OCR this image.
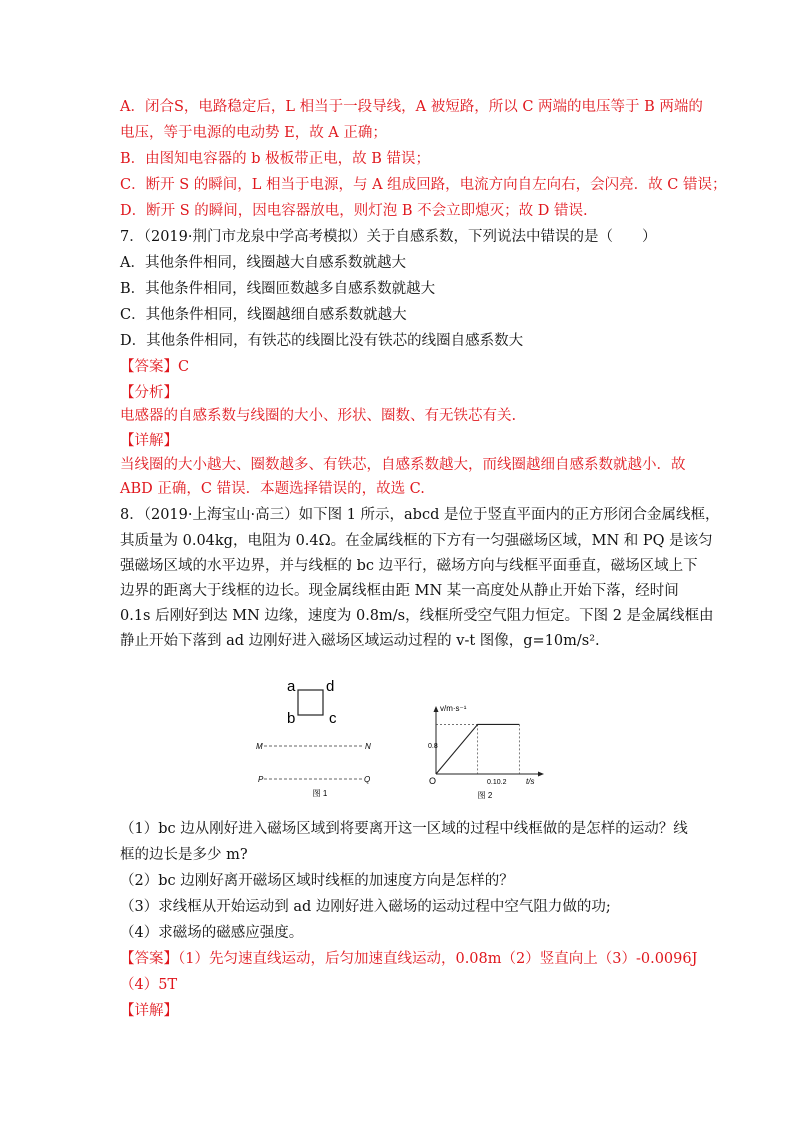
A．闭合S，电路稳定后，L 相当于一段导线，A 被短路，所以 C 两端的电压等于 B 两端的
电压，等于电源的电动势 E，故 A 正确；
B．由图知电容器的 b 极板带正电，故 B 错误；
C．断开 S 的瞬间，L 相当于电源，与 A 组成回路，电流方向自左向右，会闪亮．故 C 错误；
D．断开 S 的瞬间，因电容器放电，则灯泡 B 不会立即熄灭；故 D 错误.
7．（2019·荆门市龙泉中学高考模拟）关于自感系数，下列说法中错误的是（　　）
A．其他条件相同，线圈越大自感系数就越大
B．其他条件相同，线圈匝数越多自感系数就越大
C．其他条件相同，线圈越细自感系数就越大
D．其他条件相同，有铁芯的线圈比没有铁芯的线圈自感系数大
【答案】C
【分析】
电感器的自感系数与线圈的大小、形状、圈数、有无铁芯有关.
【详解】
当线圈的大小越大、圈数越多、有铁芯，自感系数越大，而线圈越细自感系数就越小．故
ABD 正确，C 错误．本题选择错误的，故选 C.
8．（2019·上海宝山·高三）如下图 1 所示，abcd 是位于竖直平面内的正方形闭合金属线框，
其质量为 0.04kg，电阻为 0.4Ω。在金属线框的下方有一匀强磁场区域，MN 和 PQ 是该匀
强磁场区域的水平边界，并与线框的 bc 边平行，磁场方向与线框平面垂直，磁场区域上下
边界的距离大于线框的边长。现金属线框由距 MN 某一高度处从静止开始下落，经时间
0.1s 后刚好到达 MN 边缘，速度为 0.8m/s，线框所受空气阻力恒定。下图 2 是金属线框由
静止开始下落到 ad 边刚好进入磁场区域运动过程的 v-t 图像，g=10m/s².
a d
b c
M	N
P	Q
图 1
v/m·s⁻¹
t/s
O
0.8
0.10.2
图 2
（1）bc 边从刚好进入磁场区域到将要离开这一区域的过程中线框做的是怎样的运动？线
框的边长是多少 m?
（2）bc 边刚好离开磁场区域时线框的加速度方向是怎样的？
（3）求线框从开始运动到 ad 边刚好进入磁场的运动过程中空气阻力做的功;
（4）求磁场的磁感应强度。
【答案】（1）先匀速直线运动，后匀加速直线运动，0.08m（2）竖直向上（3）-0.0096J
（4）5T
【详解】
